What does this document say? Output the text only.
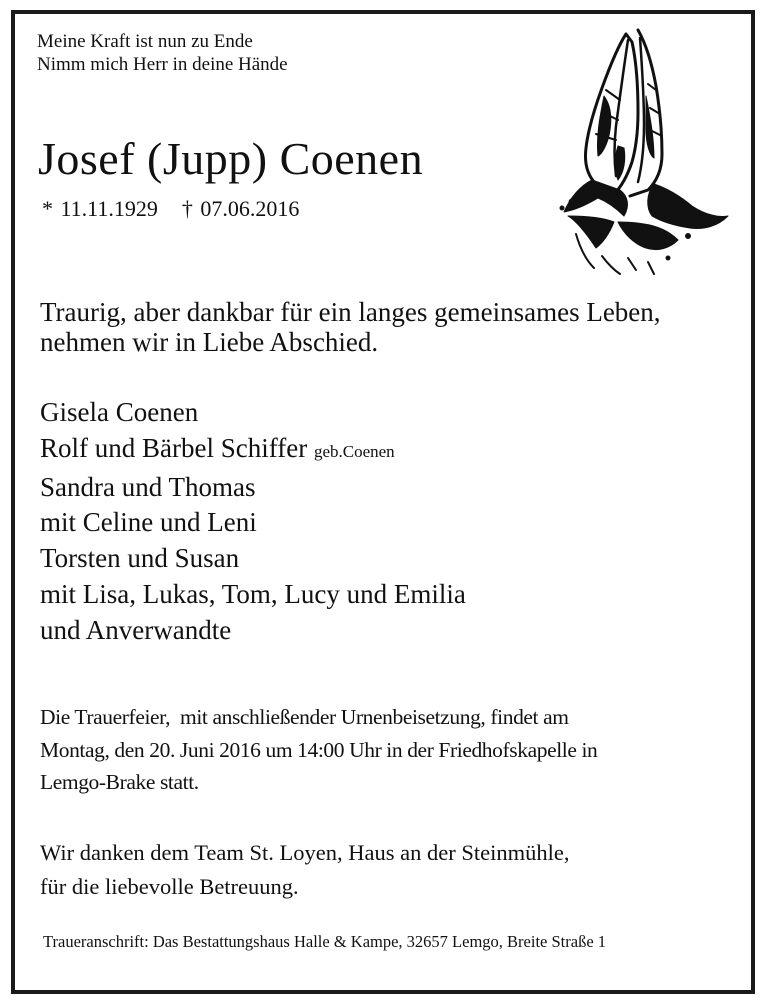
Meine Kraft ist nun zu Ende
Nimm mich Herr in deine Hände
Josef (Jupp) Coenen
* 11.11.1929 † 07.06.2016
Traurig, aber dankbar für ein langes gemeinsames Leben,
nehmen wir in Liebe Abschied.
Gisela Coenen
Rolf und Bärbel Schiffer geb.Coenen
Sandra und Thomas
mit Celine und Leni
Torsten und Susan
mit Lisa, Lukas, Tom, Lucy und Emilia
und Anverwandte
Die Trauerfeier,  mit anschließender Urnenbeisetzung, findet am
Montag, den 20. Juni 2016 um 14:00 Uhr in der Friedhofskapelle in
Lemgo-Brake statt.
Wir danken dem Team St. Loyen, Haus an der Steinmühle,
für die liebevolle Betreuung.
Traueranschrift: Das Bestattungshaus Halle & Kampe, 32657 Lemgo, Breite Straße 1
